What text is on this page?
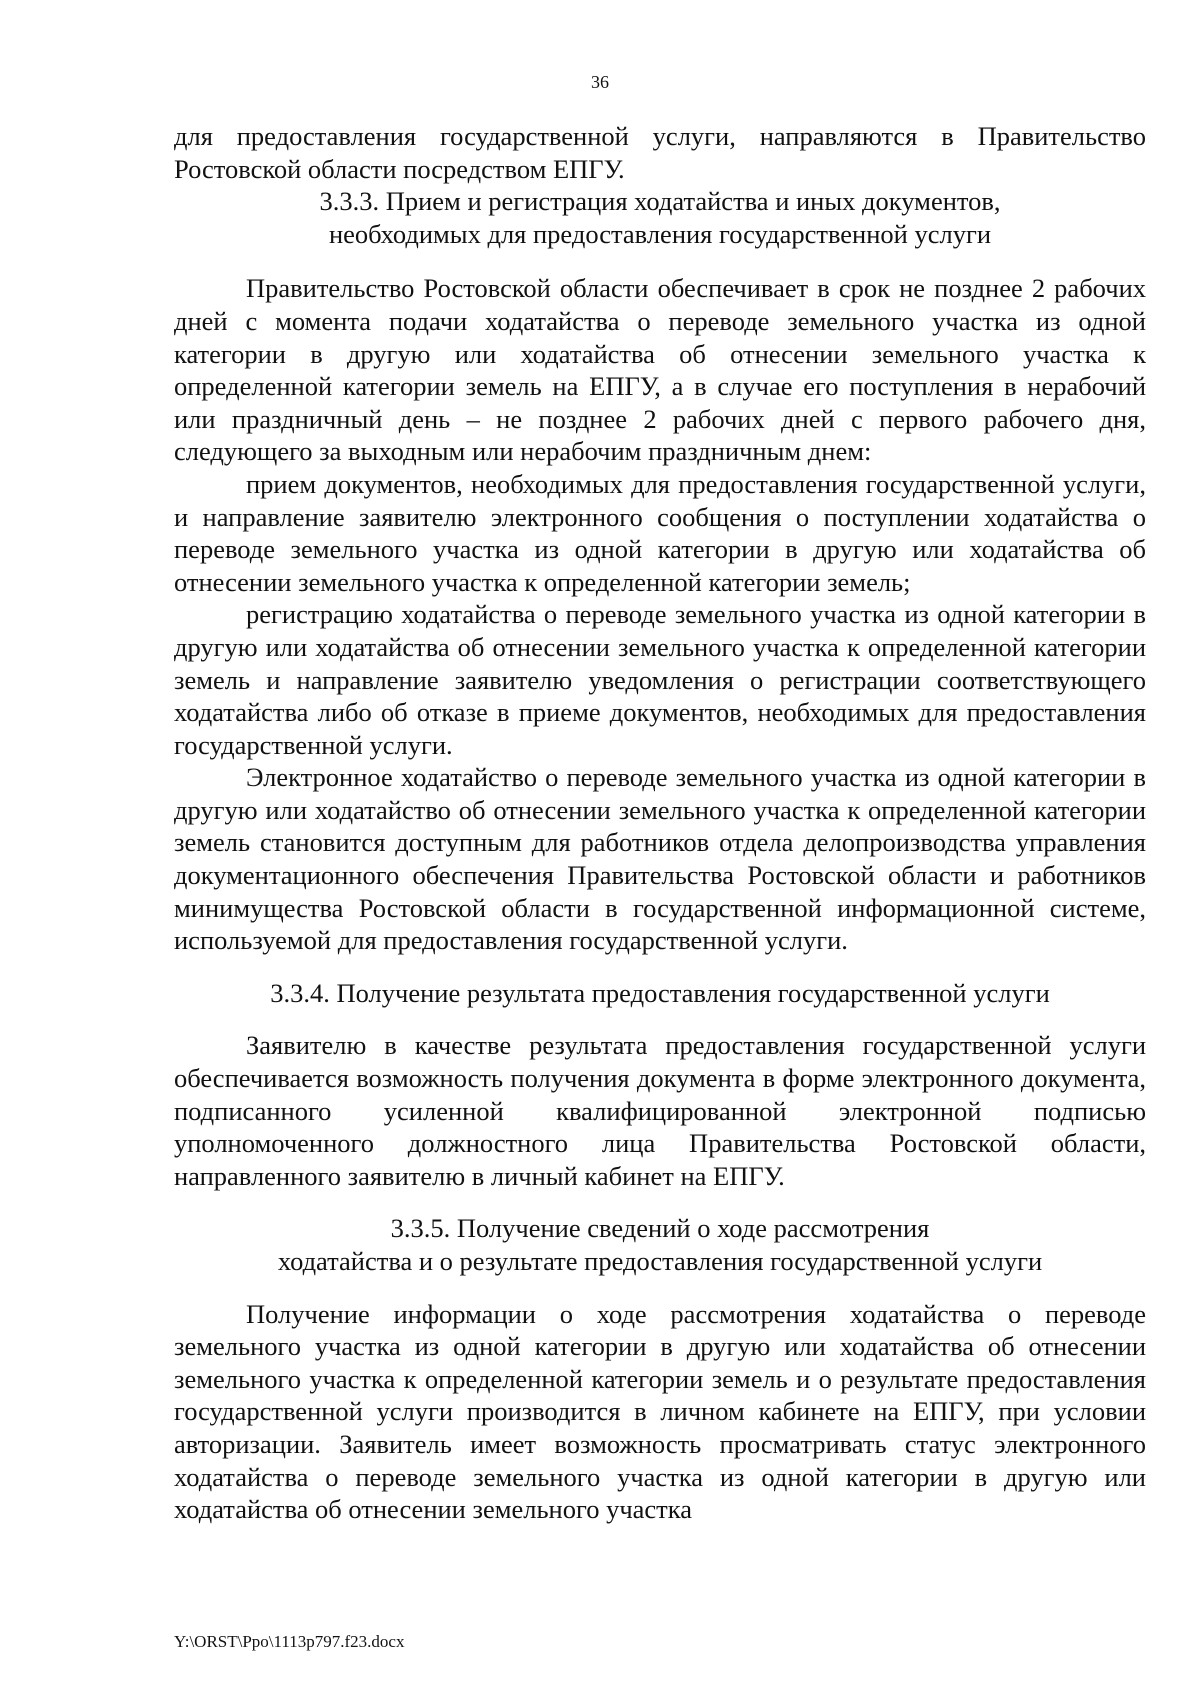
36

для предоставления государственной услуги, направляются в Правительство Ростовской области посредством ЕПГУ.

3.3.3. Прием и регистрация ходатайства и иных документов,
необходимых для предоставления государственной услуги

Правительство Ростовской области обеспечивает в срок не позднее 2 рабочих дней с момента подачи ходатайства о переводе земельного участка из одной категории в другую или ходатайства об отнесении земельного участка к определенной категории земель на ЕПГУ, а в случае его поступления в нерабочий или праздничный день – не позднее 2 рабочих дней с первого рабочего дня, следующего за выходным или нерабочим праздничным днем:

прием документов, необходимых для предоставления государственной услуги, и направление заявителю электронного сообщения о поступлении ходатайства о переводе земельного участка из одной категории в другую или ходатайства об отнесении земельного участка к определенной категории земель;

регистрацию ходатайства о переводе земельного участка из одной категории в другую или ходатайства об отнесении земельного участка к определенной категории земель и направление заявителю уведомления о регистрации соответствующего ходатайства либо об отказе в приеме документов, необходимых для предоставления государственной услуги.

Электронное ходатайство о переводе земельного участка из одной категории в другую или ходатайство об отнесении земельного участка к определенной категории земель становится доступным для работников отдела делопроизводства управления документационного обеспечения Правительства Ростовской области и работников минимущества Ростовской области в государственной информационной системе, используемой для предоставления государственной услуги.

3.3.4. Получение результата предоставления государственной услуги

Заявителю в качестве результата предоставления государственной услуги обеспечивается возможность получения документа в форме электронного документа, подписанного усиленной квалифицированной электронной подписью уполномоченного должностного лица Правительства Ростовской области, направленного заявителю в личный кабинет на ЕПГУ.

3.3.5. Получение сведений о ходе рассмотрения
ходатайства и о результате предоставления государственной услуги

Получение информации о ходе рассмотрения ходатайства о переводе земельного участка из одной категории в другую или ходатайства об отнесении земельного участка к определенной категории земель и о результате предоставления государственной услуги производится в личном кабинете на ЕПГУ, при условии авторизации. Заявитель имеет возможность просматривать статус электронного ходатайства о переводе земельного участка из одной категории в другую или ходатайства об отнесении земельного участка

Y:\ORST\Ppo\1113p797.f23.docx
